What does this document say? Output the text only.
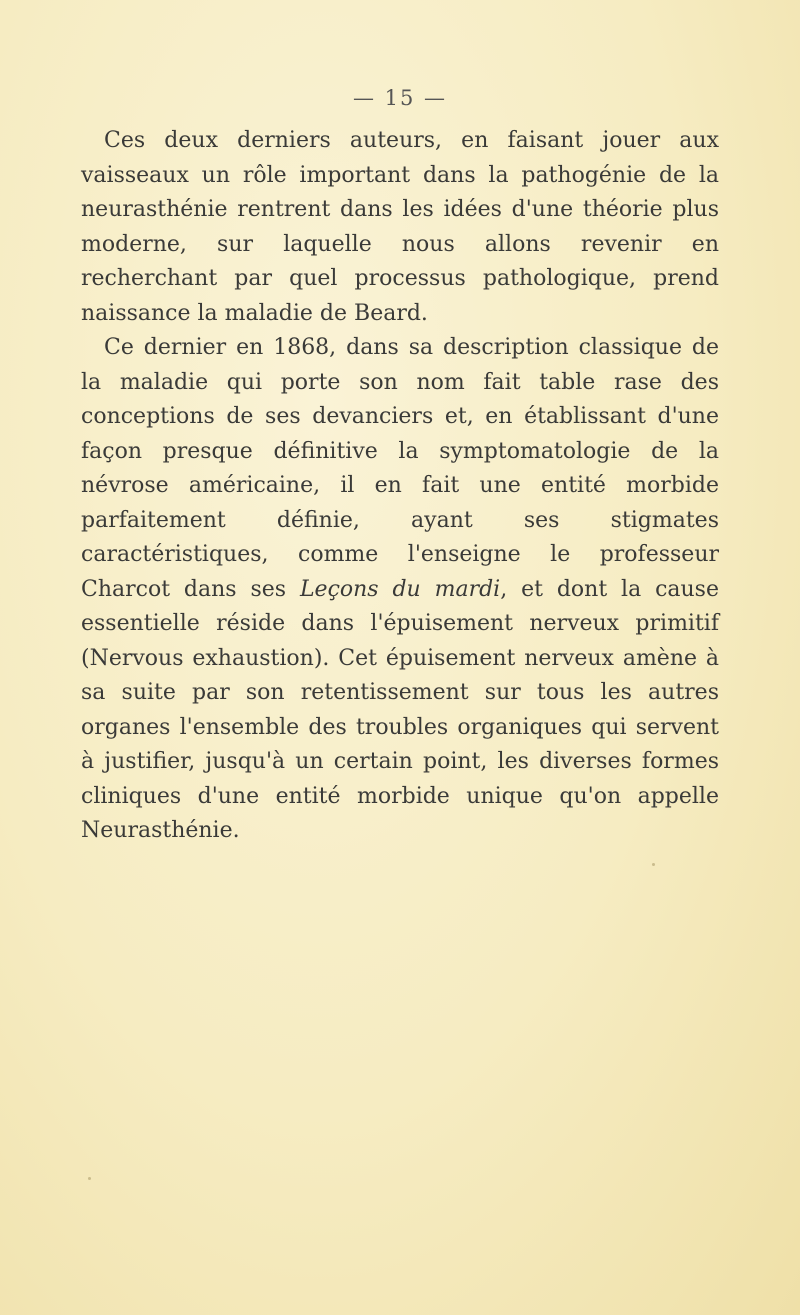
— 15 —

Ces deux derniers auteurs, en faisant jouer aux vaisseaux un rôle important dans la pathogénie de la neurasthénie rentrent dans les idées d'une théorie plus moderne, sur laquelle nous allons revenir en recherchant par quel processus pathologique, prend naissance la maladie de Beard.

Ce dernier en 1868, dans sa description classique de la maladie qui porte son nom fait table rase des conceptions de ses devanciers et, en établissant d'une façon presque définitive la symptomatologie de la névrose américaine, il en fait une entité morbide parfaitement définie, ayant ses stigmates caractéristiques, comme l'enseigne le professeur Charcot dans ses Leçons du mardi, et dont la cause essentielle réside dans l'épuisement nerveux primitif (Nervous exhaustion). Cet épuisement nerveux amène à sa suite par son retentissement sur tous les autres organes l'ensemble des troubles organiques qui servent à justifier, jusqu'à un certain point, les diverses formes cliniques d'une entité morbide unique qu'on appelle Neurasthénie.
